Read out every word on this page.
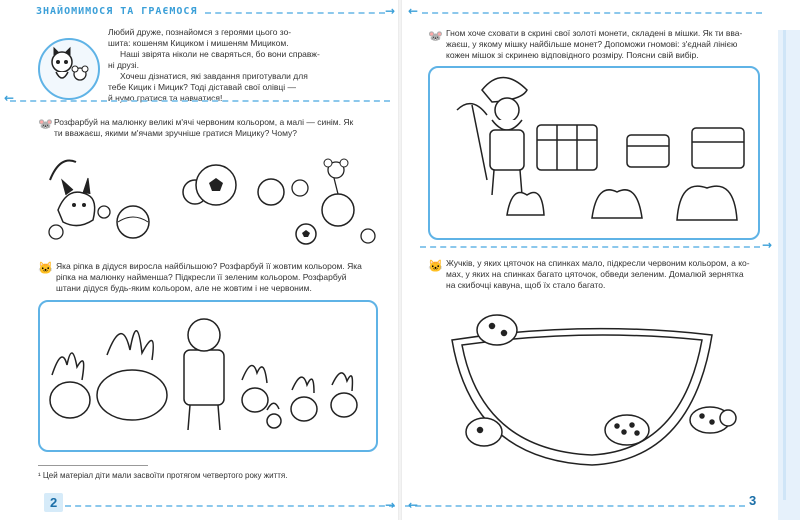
ЗНАЙОМИМОСЯ ТА ГРАЄМОСЯ	→
Любий друже, познайомся з героями цього зо-
шита: кошеням Кициком і мишеням Мициком.
Наші звірята ніколи не сваряться, бо вони справж-
ні друзі.
Хочеш дізнатися, які завдання приготували для
тебе Кицик і Мицик? Тоді діставай свої олівці —
й нумо гратися та навчатися!
←
🐭 Розфарбуй на малюнку великі м'ячі червоним кольором, а малі — синім. Як
ти вважаєш, якими м'ячами зручніше гратися Мицику? Чому?
🐱 Яка ріпка в дідуся виросла найбільшою? Розфарбуй її жовтим кольором. Яка
ріпка на малюнку найменша? Підкресли її зеленим кольором. Розфарбуй
штани дідуся будь-яким кольором, але не жовтим і не червоним.
¹ Цей матеріал діти мали засвоїти протягом четвертого року життя.
→
2
←
🐭 Гном хоче сховати в скрині свої золоті монети, складені в мішки. Як ти вва-
жаєш, у якому мішку найбільше монет? Допоможи гномові: з'єднай лінією
кожен мішок зі скринею відповідного розміру. Поясни свій вибір.
→
🐱 Жучків, у яких цяточок на спинках мало, підкресли червоним кольором, а ко-
мах, у яких на спинках багато цяточок, обведи зеленим. Домалюй зернятка
на скибочці кавуна, щоб їх стало багато.
←	3
